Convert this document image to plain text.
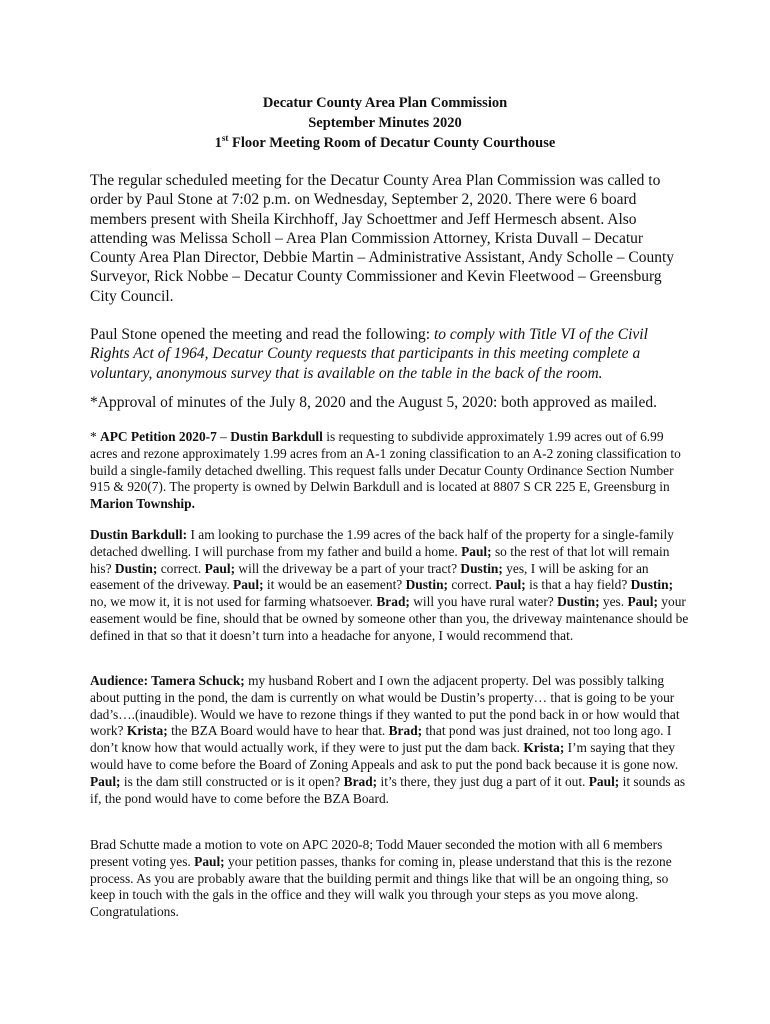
Decatur County Area Plan Commission
September Minutes 2020
1st Floor Meeting Room of Decatur County Courthouse

The regular scheduled meeting for the Decatur County Area Plan Commission was called to order by Paul Stone at 7:02 p.m. on Wednesday, September 2, 2020. There were 6 board members present with Sheila Kirchhoff, Jay Schoettmer and Jeff Hermesch absent. Also attending was Melissa Scholl – Area Plan Commission Attorney, Krista Duvall – Decatur County Area Plan Director, Debbie Martin – Administrative Assistant, Andy Scholle – County Surveyor, Rick Nobbe – Decatur County Commissioner and Kevin Fleetwood – Greensburg City Council.

Paul Stone opened the meeting and read the following: to comply with Title VI of the Civil Rights Act of 1964, Decatur County requests that participants in this meeting complete a voluntary, anonymous survey that is available on the table in the back of the room.

*Approval of minutes of the July 8, 2020 and the August 5, 2020: both approved as mailed.

* APC Petition 2020-7 – Dustin Barkdull is requesting to subdivide approximately 1.99 acres out of 6.99 acres and rezone approximately 1.99 acres from an A-1 zoning classification to an A-2 zoning classification to build a single-family detached dwelling. This request falls under Decatur County Ordinance Section Number 915 & 920(7). The property is owned by Delwin Barkdull and is located at 8807 S CR 225 E, Greensburg in Marion Township.

Dustin Barkdull: I am looking to purchase the 1.99 acres of the back half of the property for a single-family detached dwelling. I will purchase from my father and build a home. Paul; so the rest of that lot will remain his? Dustin; correct. Paul; will the driveway be a part of your tract? Dustin; yes, I will be asking for an easement of the driveway. Paul; it would be an easement? Dustin; correct. Paul; is that a hay field? Dustin; no, we mow it, it is not used for farming whatsoever. Brad; will you have rural water? Dustin; yes. Paul; your easement would be fine, should that be owned by someone other than you, the driveway maintenance should be defined in that so that it doesn’t turn into a headache for anyone, I would recommend that.

Audience: Tamera Schuck; my husband Robert and I own the adjacent property. Del was possibly talking about putting in the pond, the dam is currently on what would be Dustin’s property… that is going to be your dad’s….(inaudible). Would we have to rezone things if they wanted to put the pond back in or how would that work? Krista; the BZA Board would have to hear that. Brad; that pond was just drained, not too long ago. I don’t know how that would actually work, if they were to just put the dam back. Krista; I’m saying that they would have to come before the Board of Zoning Appeals and ask to put the pond back because it is gone now. Paul; is the dam still constructed or is it open? Brad; it’s there, they just dug a part of it out. Paul; it sounds as if, the pond would have to come before the BZA Board.

Brad Schutte made a motion to vote on APC 2020-8; Todd Mauer seconded the motion with all 6 members present voting yes. Paul; your petition passes, thanks for coming in, please understand that this is the rezone process. As you are probably aware that the building permit and things like that will be an ongoing thing, so keep in touch with the gals in the office and they will walk you through your steps as you move along. Congratulations.
